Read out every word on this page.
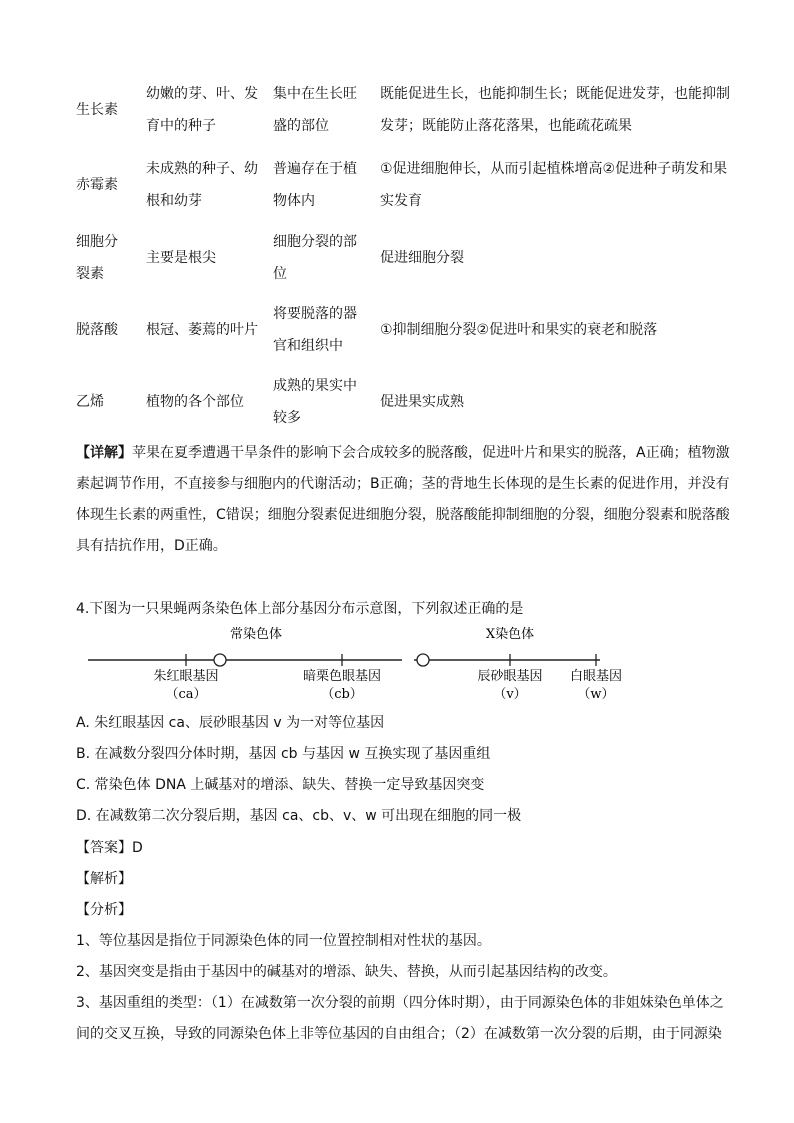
生长素
幼嫩的芽、叶、发
育中的种子
集中在生长旺
盛的部位
既能促进生长，也能抑制生长；既能促进发芽，也能抑制
发芽；既能防止落花落果，也能疏花疏果
赤霉素
未成熟的种子、幼
根和幼芽
普遍存在于植
物体内
①促进细胞伸长，从而引起植株增高②促进种子萌发和果
实发育
细胞分
裂素
主要是根尖
细胞分裂的部
位
促进细胞分裂
脱落酸	根冠、萎蔫的叶片
将要脱落的器
官和组织中
①抑制细胞分裂②促进叶和果实的衰老和脱落
乙烯	植物的各个部位
成熟的果实中
较多
促进果实成熟
【详解】苹果在夏季遭遇干旱条件的影响下会合成较多的脱落酸，促进叶片和果实的脱落，A正确；植物激
素起调节作用，不直接参与细胞内的代谢活动；B正确；茎的背地生长体现的是生长素的促进作用，并没有
体现生长素的两重性，C错误；细胞分裂素促进细胞分裂，脱落酸能抑制细胞的分裂，细胞分裂素和脱落酸
具有拮抗作用，D正确。
4.下图为一只果蝇两条染色体上部分基因分布示意图，下列叙述正确的是
常染色体
朱红眼基因
（ca）
暗栗色眼基因
（cb）
X染色体
辰砂眼基因
（v）
白眼基因
（w）
A. 朱红眼基因 ca、辰砂眼基因 v 为一对等位基因
B. 在减数分裂四分体时期，基因 cb 与基因 w 互换实现了基因重组
C. 常染色体 DNA 上碱基对的增添、缺失、替换一定导致基因突变
D. 在减数第二次分裂后期，基因 ca、cb、v、w 可出现在细胞的同一极
【答案】D
【解析】
【分析】
1、等位基因是指位于同源染色体的同一位置控制相对性状的基因。
2、基因突变是指由于基因中的碱基对的增添、缺失、替换，从而引起基因结构的改变。
3、基因重组的类型：（1）在减数第一次分裂的前期（四分体时期），由于同源染色体的非姐妹染色单体之
间的交叉互换，导致的同源染色体上非等位基因的自由组合；（2）在减数第一次分裂的后期，由于同源染
